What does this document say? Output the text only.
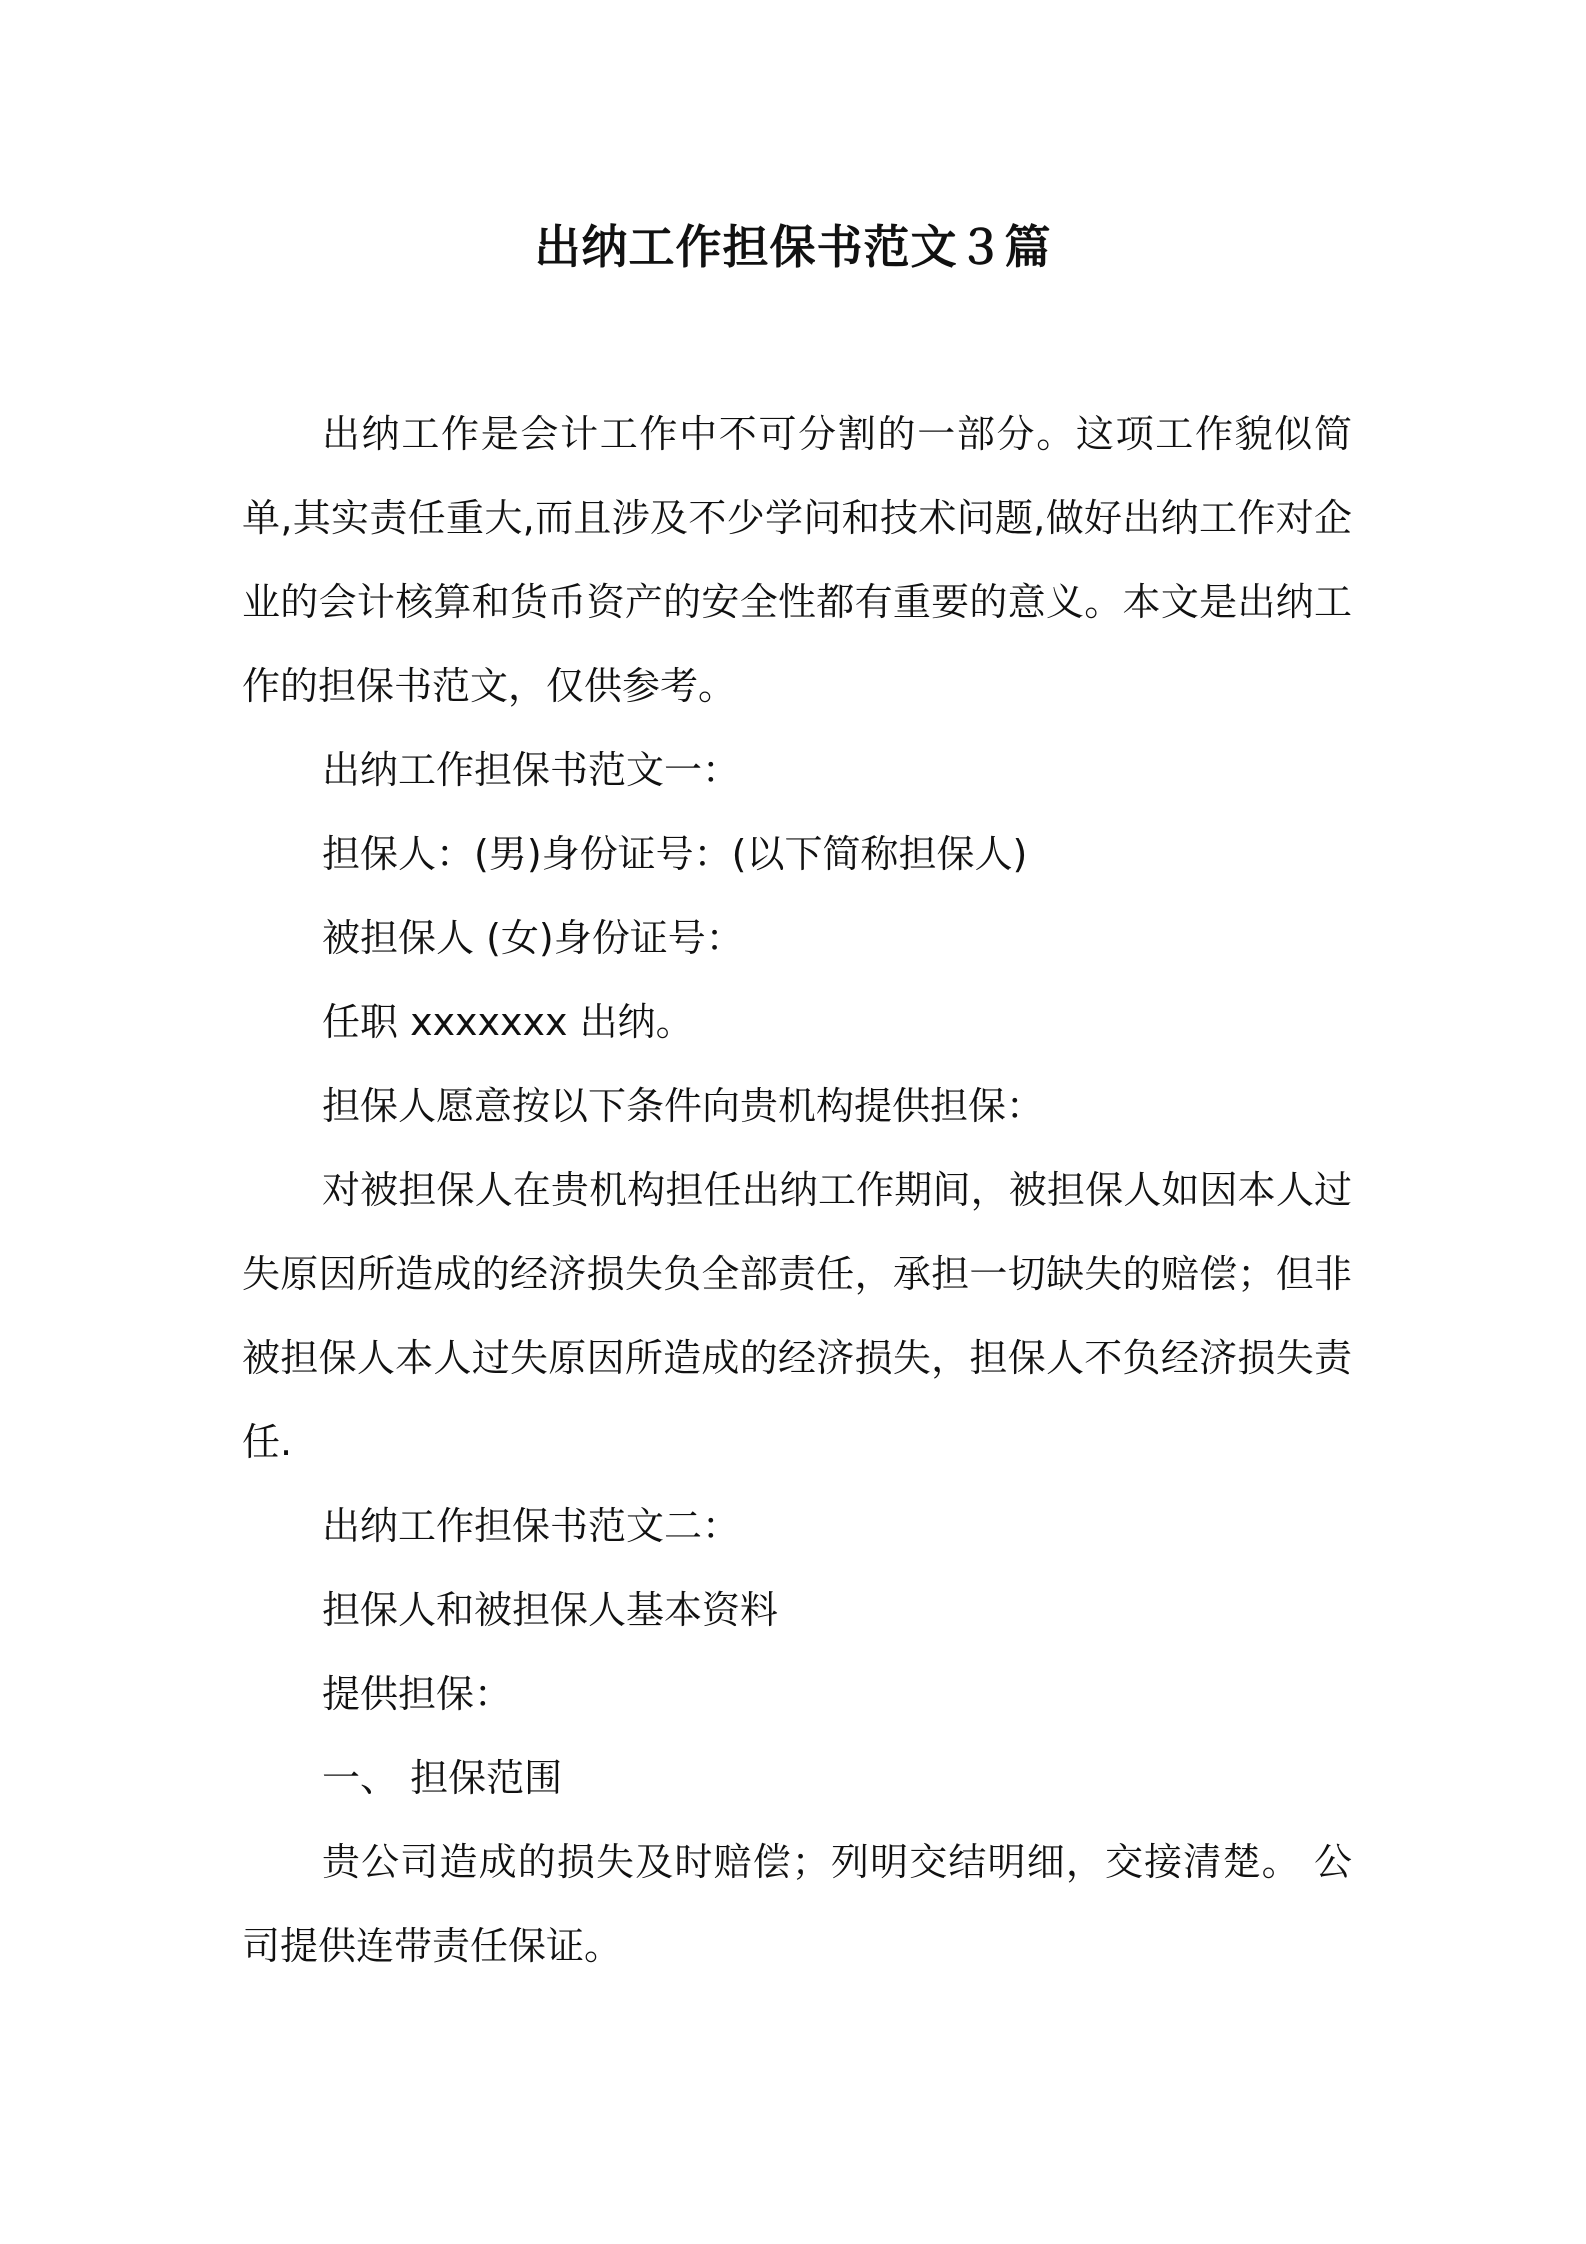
出纳工作担保书范文３篇

出纳工作是会计工作中不可分割的一部分。这项工作貌似简单,其实责任重大,而且涉及不少学问和技术问题,做好出纳工作对企业的会计核算和货币资产的安全性都有重要的意义。本文是出纳工作的担保书范文，仅供参考。

出纳工作担保书范文一：

担保人：(男)身份证号：(以下简称担保人)

被担保人 (女)身份证号：

任职 xxxxxxx 出纳。

担保人愿意按以下条件向贵机构提供担保：

对被担保人在贵机构担任出纳工作期间，被担保人如因本人过失原因所造成的经济损失负全部责任，承担一切缺失的赔偿；但非被担保人本人过失原因所造成的经济损失，担保人不负经济损失责任.

出纳工作担保书范文二：

担保人和被担保人基本资料

提供担保：

一、 担保范围

贵公司造成的损失及时赔偿；列明交结明细，交接清楚。 公司提供连带责任保证。
